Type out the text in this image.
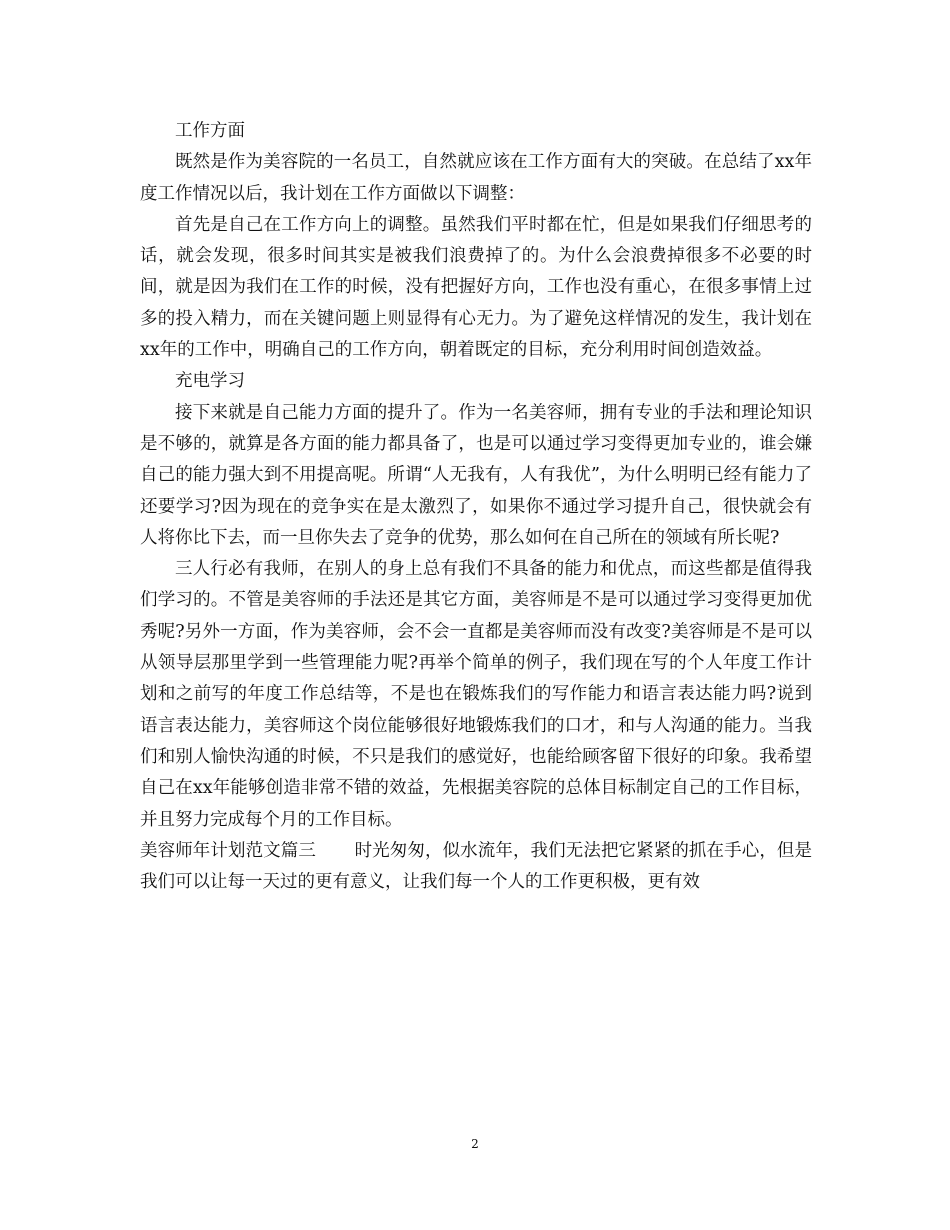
工作方面

既然是作为美容院的一名员工，自然就应该在工作方面有大的突破。在总结了xx年度工作情况以后，我计划在工作方面做以下调整：

首先是自己在工作方向上的调整。虽然我们平时都在忙，但是如果我们仔细思考的话，就会发现，很多时间其实是被我们浪费掉了的。为什么会浪费掉很多不必要的时间，就是因为我们在工作的时候，没有把握好方向，工作也没有重心，在很多事情上过多的投入精力，而在关键问题上则显得有心无力。为了避免这样情况的发生，我计划在xx年的工作中，明确自己的工作方向，朝着既定的目标，充分利用时间创造效益。

充电学习

接下来就是自己能力方面的提升了。作为一名美容师，拥有专业的手法和理论知识是不够的，就算是各方面的能力都具备了，也是可以通过学习变得更加专业的，谁会嫌自己的能力强大到不用提高呢。所谓“人无我有，人有我优”，为什么明明已经有能力了还要学习?因为现在的竞争实在是太激烈了，如果你不通过学习提升自己，很快就会有人将你比下去，而一旦你失去了竞争的优势，那么如何在自己所在的领域有所长呢?

三人行必有我师，在别人的身上总有我们不具备的能力和优点，而这些都是值得我们学习的。不管是美容师的手法还是其它方面，美容师是不是可以通过学习变得更加优秀呢?另外一方面，作为美容师，会不会一直都是美容师而没有改变?美容师是不是可以从领导层那里学到一些管理能力呢?再举个简单的例子，我们现在写的个人年度工作计划和之前写的年度工作总结等，不是也在锻炼我们的写作能力和语言表达能力吗?说到语言表达能力，美容师这个岗位能够很好地锻炼我们的口才，和与人沟通的能力。当我们和别人愉快沟通的时候，不只是我们的感觉好，也能给顾客留下很好的印象。我希望自己在xx年能够创造非常不错的效益，先根据美容院的总体目标制定自己的工作目标，并且努力完成每个月的工作目标。

美容师年计划范文篇三 时光匆匆，似水流年，我们无法把它紧紧的抓在手心，但是我们可以让每一天过的更有意义，让我们每一个人的工作更积极，更有效

2
